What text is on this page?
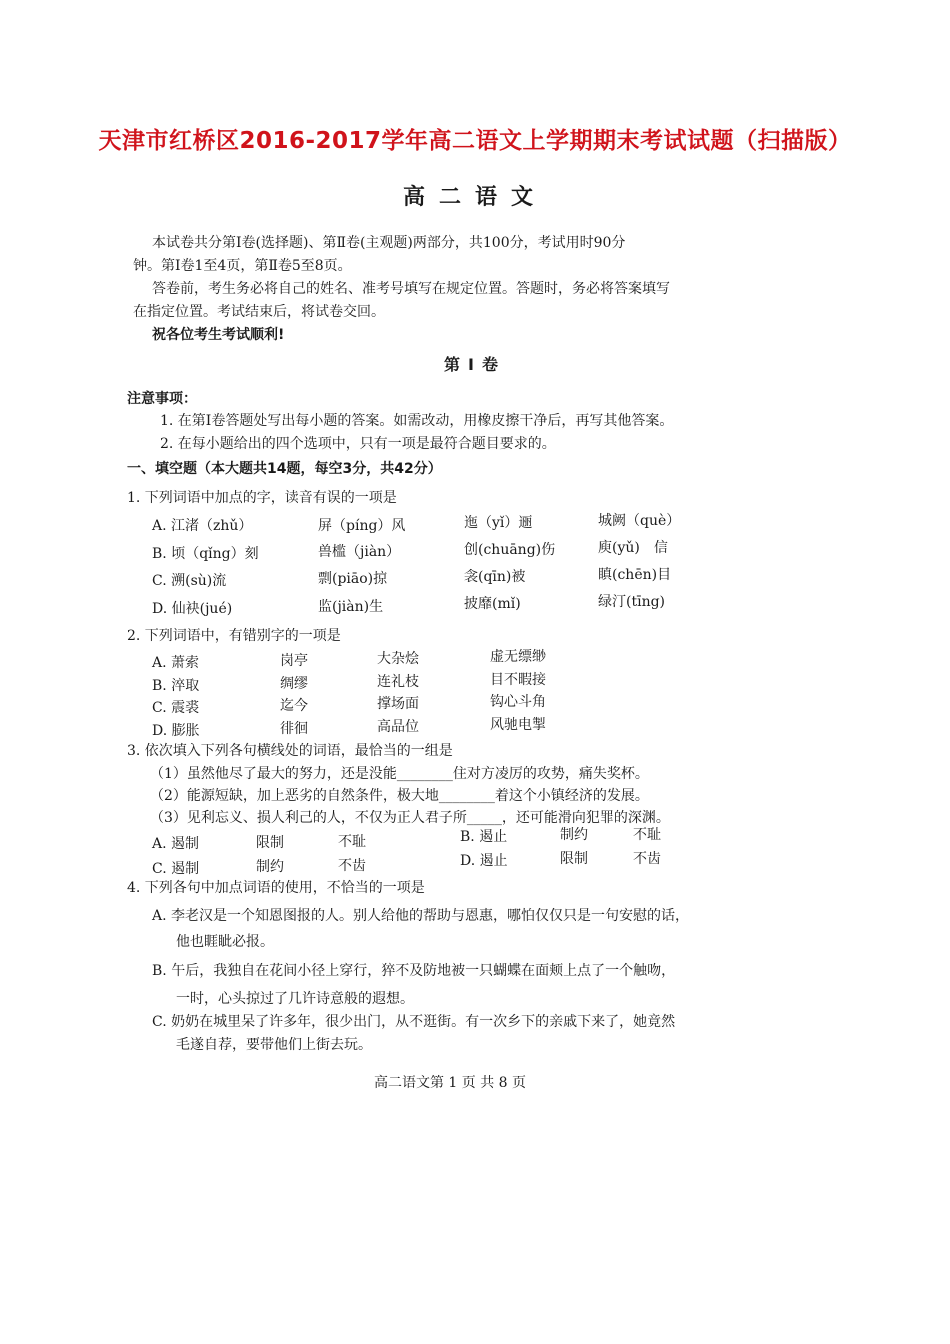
天津市红桥区2016-2017学年高二语文上学期期末考试试题（扫描版）
高二语文
本试卷共分第Ⅰ卷(选择题)、第Ⅱ卷(主观题)两部分，共100分，考试用时90分
钟。第Ⅰ卷1至4页，第Ⅱ卷5至8页。
答卷前，考生务必将自己的姓名、准考号填写在规定位置。答题时，务必将答案填写
在指定位置。考试结束后，将试卷交回。
祝各位考生考试顺利!
第Ⅰ卷
注意事项：
1. 在第Ⅰ卷答题处写出每小题的答案。如需改动，用橡皮擦干净后，再写其他答案。
2. 在每小题给出的四个选项中，只有一项是最符合题目要求的。
一、填空题（本大题共14题，每空3分，共42分）
1. 下列词语中加点的字，读音有误的一项是
A. 江渚（zhǔ）	屏（píng）风	迤（yǐ）逦	城阙（què）
B. 顷（qǐng）刻	兽槛（jiàn）	创(chuāng)伤	庾(yǔ)　信
C. 溯(sù)流	剽(piāo)掠	衾(qīn)被	瞋(chēn)目
D. 仙袂(jué)	监(jiàn)生	披靡(mǐ)	绿汀(tīng)
2. 下列词语中，有错别字的一项是
A. 萧索	岗亭	大杂烩	虚无缥缈
B. 淬取	绸缪	连礼枝	目不暇接
C. 震裘	迄今	撑场面	钩心斗角
D. 膨胀	徘徊	高品位	风驰电掣
3. 依次填入下列各句横线处的词语，最恰当的一组是
（1）虽然他尽了最大的努力，还是没能________住对方凌厉的攻势，痛失奖杯。
（2）能源短缺，加上恶劣的自然条件，极大地________着这个小镇经济的发展。
（3）见利忘义、损人利己的人，不仅为正人君子所_____，还可能滑向犯罪的深渊。
A. 遏制	限制	不耻	B. 遏止	制约	不耻
C. 遏制	制约	不齿	D. 遏止	限制	不齿
4. 下列各句中加点词语的使用，不恰当的一项是
A. 李老汉是一个知恩图报的人。别人给他的帮助与恩惠，哪怕仅仅只是一句安慰的话，
他也睚眦必报。
B. 午后，我独自在花间小径上穿行，猝不及防地被一只蝴蝶在面颊上点了一个触吻，
一时，心头掠过了几许诗意般的遐想。
C. 奶奶在城里呆了许多年，很少出门，从不逛街。有一次乡下的亲戚下来了，她竟然
毛遂自荐，要带他们上街去玩。
高二语文第 1 页 共 8 页
